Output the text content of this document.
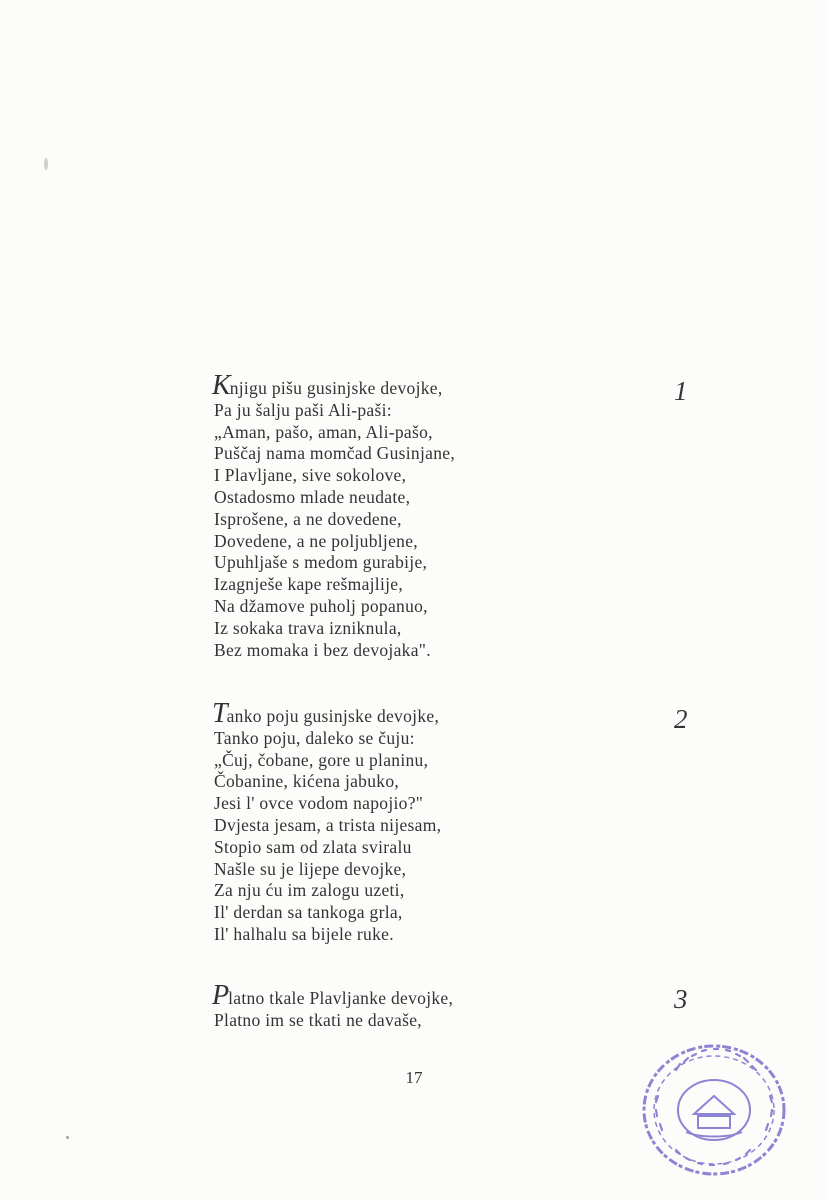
Knjigu pišu gusinjske devojke,
Pa ju šalju paši Ali-paši:
„Aman, pašo, aman, Ali-pašo,
Puščaj nama momčad Gusinjane,
I Plavljane, sive sokolove,
Ostadosmo mlade neudate,
Isprošene, a ne dovedene,
Dovedene, a ne poljubljene,
Upuhljaše s medom gurabije,
Izagnješe kape rešmajlije,
Na džamove puholj popanuo,
Iz sokaka trava izniknula,
Bez momaka i bez devojaka".
1
Tanko poju gusinjske devojke,
Tanko poju, daleko se čuju:
„Čuj, čobane, gore u planinu,
Čobanine, kićena jabuko,
Jesi l' ovce vodom napojio?"
Dvjesta jesam, a trista nijesam,
Stopio sam od zlata sviralu
Našle su je lijepe devojke,
Za nju ću im zalogu uzeti,
Il' derdan sa tankoga grla,
Il' halhalu sa bijele ruke.
2
Platno tkale Plavljanke devojke,
Platno im se tkati ne davaše,
3
17
